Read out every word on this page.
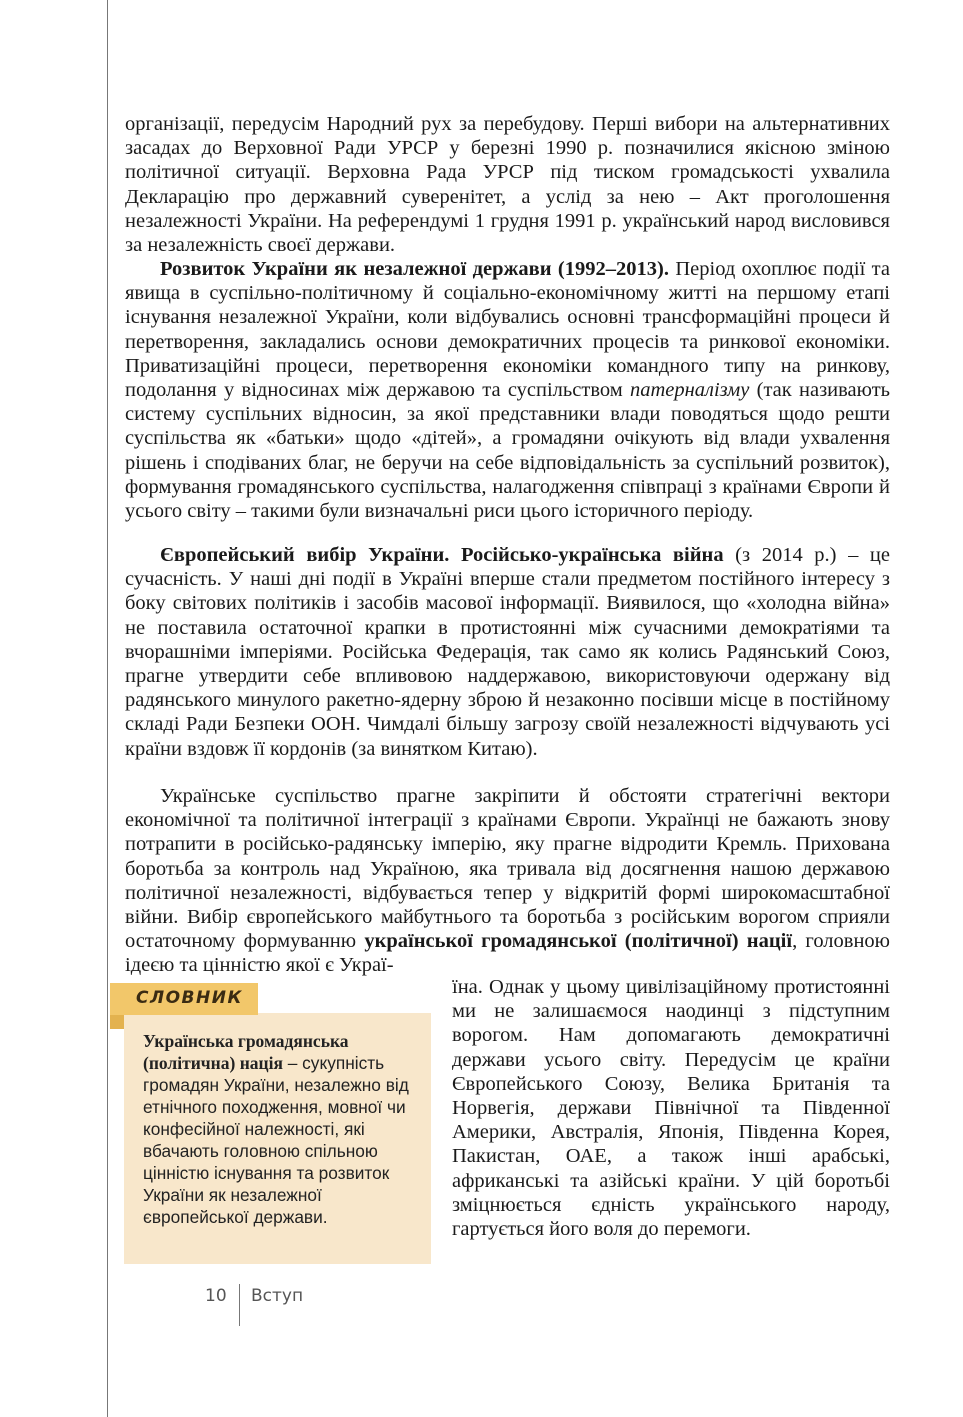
організації, передусім Народний рух за перебудову. Перші вибори на альтернативних засадах до Верховної Ради УРСР у березні 1990 р. позначилися якісною зміною політичної ситуації. Верховна Рада УРСР під тиском громадськості ухвалила Декларацію про державний суверенітет, а услід за нею – Акт проголошення незалежності України. На референдумі 1 грудня 1991 р. український народ висловився за незалежність своєї держави.

Розвиток України як незалежної держави (1992–2013). Період охоплює події та явища в суспільно-політичному й соціально-економічному житті на першому етапі існування незалежної України, коли відбувались основні трансформаційні процеси й перетворення, закладались основи демократичних процесів та ринкової економіки. Приватизаційні процеси, перетворення економіки командного типу на ринкову, подолання у відносинах між державою та суспільством патерналізму (так називають систему суспільних відносин, за якої представники влади поводяться щодо решти суспільства як «батьки» щодо «дітей», а громадяни очікують від влади ухвалення рішень і сподіваних благ, не беручи на себе відповідальність за суспільний розвиток), формування громадянського суспільства, налагодження співпраці з країнами Європи й усього світу – такими були визначальні риси цього історичного періоду.

Європейський вибір України. Російсько-українська війна (з 2014 р.) – це сучасність. У наші дні події в Україні вперше стали предметом постійного інтересу з боку світових політиків і засобів масової інформації. Виявилося, що «холодна війна» не поставила остаточної крапки в протистоянні між сучасними демократіями та вчорашніми імперіями. Російська Федерація, так само як колись Радянський Союз, прагне утвердити себе впливовою наддержавою, використовуючи одержану від радянського минулого ракетно-ядерну зброю й незаконно посівши місце в постійному складі Ради Безпеки ООН. Чимдалі більшу загрозу своїй незалежності відчувають усі країни вздовж її кордонів (за винятком Китаю).

Українське суспільство прагне закріпити й обстояти стратегічні вектори економічної та політичної інтеграції з країнами Європи. Українці не бажають знову потрапити в російсько-радянську імперію, яку прагне відродити Кремль. Прихована боротьба за контроль над Україною, яка тривала від досягнення нашою державою політичної незалежності, відбувається тепер у відкритій формі широкомасштабної війни. Вибір європейського майбутнього та боротьба з російським ворогом сприяли остаточному формуванню української громадянської (політичної) нації, головною ідеєю та цінністю якої є Украї-

їна. Однак у цьому цивілізаційному протистоянні ми не залишаємося наодинці з підступним ворогом. Нам допомагають демократичні держави усього світу. Передусім це країни Європейського Союзу, Велика Британія та Норвегія, держави Північної та Південної Америки, Австралія, Японія, Південна Корея, Пакистан, ОАЕ, а також інші арабські, африканські та азійські країни. У цій боротьбі зміцнюється єдність українського народу, гартується його воля до перемоги.

СЛОВНИК
Українська громадянська (політична) нація – сукупність громадян України, незалежно від етнічного походження, мовної чи конфесійної належності, які вбачають головною спільною цінністю існування та розвиток України як незалежної європейської держави.
10 Вступ
